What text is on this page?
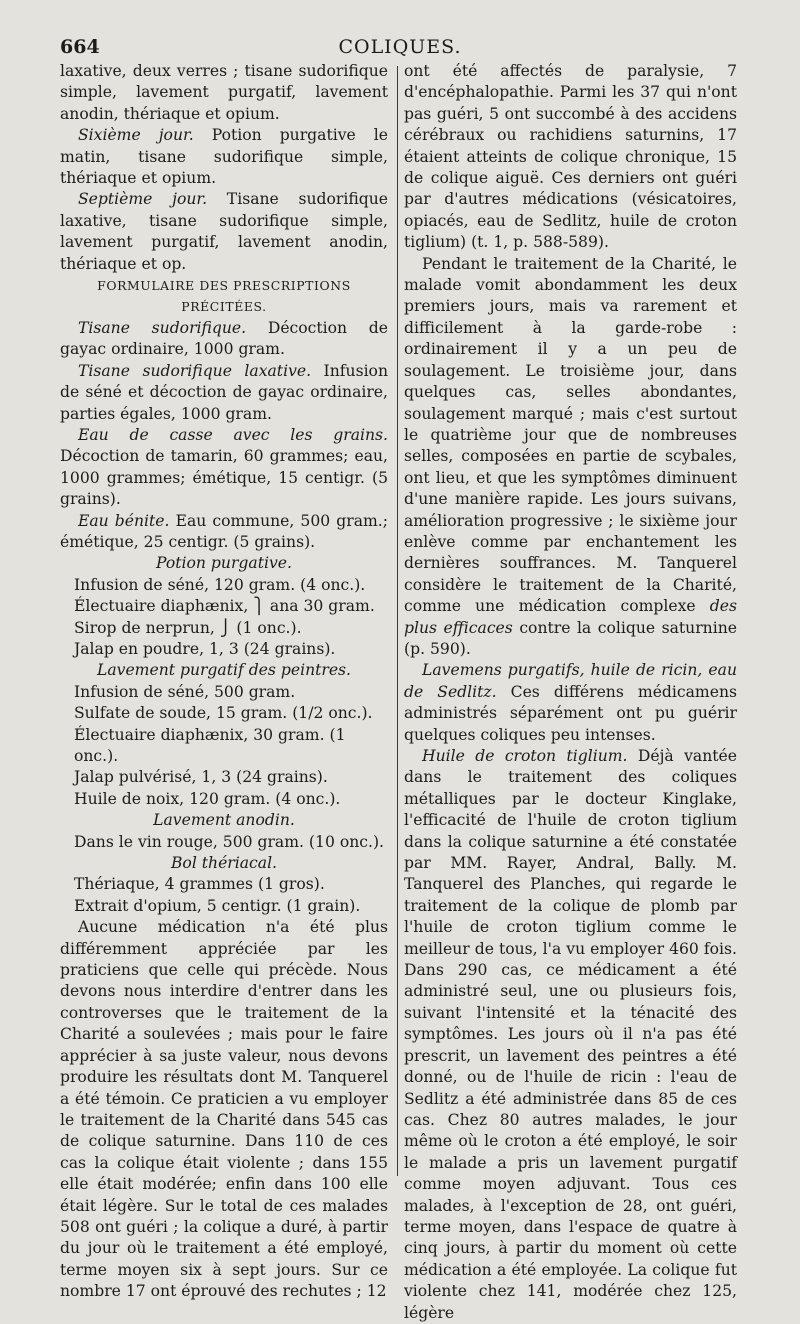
664	COLIQUES.

laxative, deux verres ; tisane sudorifique simple, lavement purgatif, lavement anodin, thériaque et opium.

Sixième jour. Potion purgative le matin, tisane sudorifique simple, thériaque et opium.

Septième jour. Tisane sudorifique laxative, tisane sudorifique simple, lavement purgatif, lavement anodin, thériaque et op.

FORMULAIRE DES PRESCRIPTIONS PRÉCITÉES.

Tisane sudorifique. Décoction de gayac ordinaire, 1000 gram.

Tisane sudorifique laxative. Infusion de séné et décoction de gayac ordinaire, parties égales, 1000 gram.

Eau de casse avec les grains. Décoction de tamarin, 60 grammes; eau, 1000 grammes; émétique, 15 centigr. (5 grains).

Eau bénite. Eau commune, 500 gram.; émétique, 25 centigr. (5 grains).

Potion purgative.

Infusion de séné, 120 gram. (4 onc.).

Électuaire diaphænix, ⎫ ana 30 gram.

Sirop de nerprun, ⎭ (1 onc.).

Jalap en poudre, 1, 3 (24 grains).

Lavement purgatif des peintres.

Infusion de séné, 500 gram.

Sulfate de soude, 15 gram. (1/2 onc.).

Électuaire diaphænix, 30 gram. (1 onc.).

Jalap pulvérisé, 1, 3 (24 grains).

Huile de noix, 120 gram. (4 onc.).

Lavement anodin.

Dans le vin rouge, 500 gram. (10 onc.).

Bol thériacal.

Thériaque, 4 grammes (1 gros).

Extrait d'opium, 5 centigr. (1 grain).

Aucune médication n'a été plus différemment appréciée par les praticiens que celle qui précède. Nous devons nous interdire d'entrer dans les controverses que le traitement de la Charité a soulevées ; mais pour le faire apprécier à sa juste valeur, nous devons produire les résultats dont M. Tanquerel a été témoin. Ce praticien a vu employer le traitement de la Charité dans 545 cas de colique saturnine. Dans 110 de ces cas la colique était violente ; dans 155 elle était modérée; enfin dans 100 elle était légère. Sur le total de ces malades 508 ont guéri ; la colique a duré, à partir du jour où le traitement a été employé, terme moyen six à sept jours. Sur ce nombre 17 ont éprouvé des rechutes ; 12

ont été affectés de paralysie, 7 d'encéphalopathie. Parmi les 37 qui n'ont pas guéri, 5 ont succombé à des accidens cérébraux ou rachidiens saturnins, 17 étaient atteints de colique chronique, 15 de colique aiguë. Ces derniers ont guéri par d'autres médications (vésicatoires, opiacés, eau de Sedlitz, huile de croton tiglium) (t. 1, p. 588-589).

Pendant le traitement de la Charité, le malade vomit abondamment les deux premiers jours, mais va rarement et difficilement à la garde-robe : ordinairement il y a un peu de soulagement. Le troisième jour, dans quelques cas, selles abondantes, soulagement marqué ; mais c'est surtout le quatrième jour que de nombreuses selles, composées en partie de scybales, ont lieu, et que les symptômes diminuent d'une manière rapide. Les jours suivans, amélioration progressive ; le sixième jour enlève comme par enchantement les dernières souffrances. M. Tanquerel considère le traitement de la Charité, comme une médication complexe des plus efficaces contre la colique saturnine (p. 590).

Lavemens purgatifs, huile de ricin, eau de Sedlitz. Ces différens médicamens administrés séparément ont pu guérir quelques coliques peu intenses.

Huile de croton tiglium. Déjà vantée dans le traitement des coliques métalliques par le docteur Kinglake, l'efficacité de l'huile de croton tiglium dans la colique saturnine a été constatée par MM. Rayer, Andral, Bally. M. Tanquerel des Planches, qui regarde le traitement de la colique de plomb par l'huile de croton tiglium comme le meilleur de tous, l'a vu employer 460 fois. Dans 290 cas, ce médicament a été administré seul, une ou plusieurs fois, suivant l'intensité et la ténacité des symptômes. Les jours où il n'a pas été prescrit, un lavement des peintres a été donné, ou de l'huile de ricin : l'eau de Sedlitz a été administrée dans 85 de ces cas. Chez 80 autres malades, le jour même où le croton a été employé, le soir le malade a pris un lavement purgatif comme moyen adjuvant. Tous ces malades, à l'exception de 28, ont guéri, terme moyen, dans l'espace de quatre à cinq jours, à partir du moment où cette médication a été employée. La colique fut violente chez 141, modérée chez 125, légère
